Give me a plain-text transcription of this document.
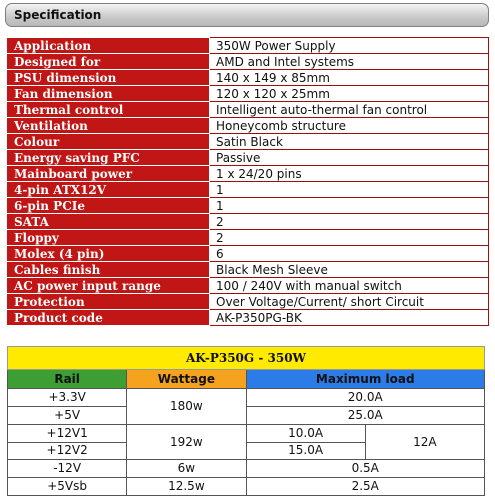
Specification
Application	350W Power Supply
Designed for	AMD and Intel systems
PSU dimension	140 x 149 x 85mm
Fan dimension	120 x 120 x 25mm
Thermal control	Intelligent auto-thermal fan control
Ventilation	Honeycomb structure
Colour	Satin Black
Energy saving PFC	Passive
Mainboard power	1 x 24/20 pins
4-pin ATX12V	1
6-pin PCIe	1
SATA	2
Floppy	2
Molex (4 pin)	6
Cables finish	Black Mesh Sleeve
AC power input range	100 / 240V with manual switch
Protection	Over Voltage/Current/ short Circuit
Product code	AK-P350PG-BK
AK-P350G - 350W			
Rail	Wattage	Maximum load	
+3.3V	180w	20.0A	
+5V		25.0A	
+12V1	192w	10.0A	12A
+12V2		15.0A	
-12V	6w	0.5A	
+5Vsb	12.5w	2.5A	
